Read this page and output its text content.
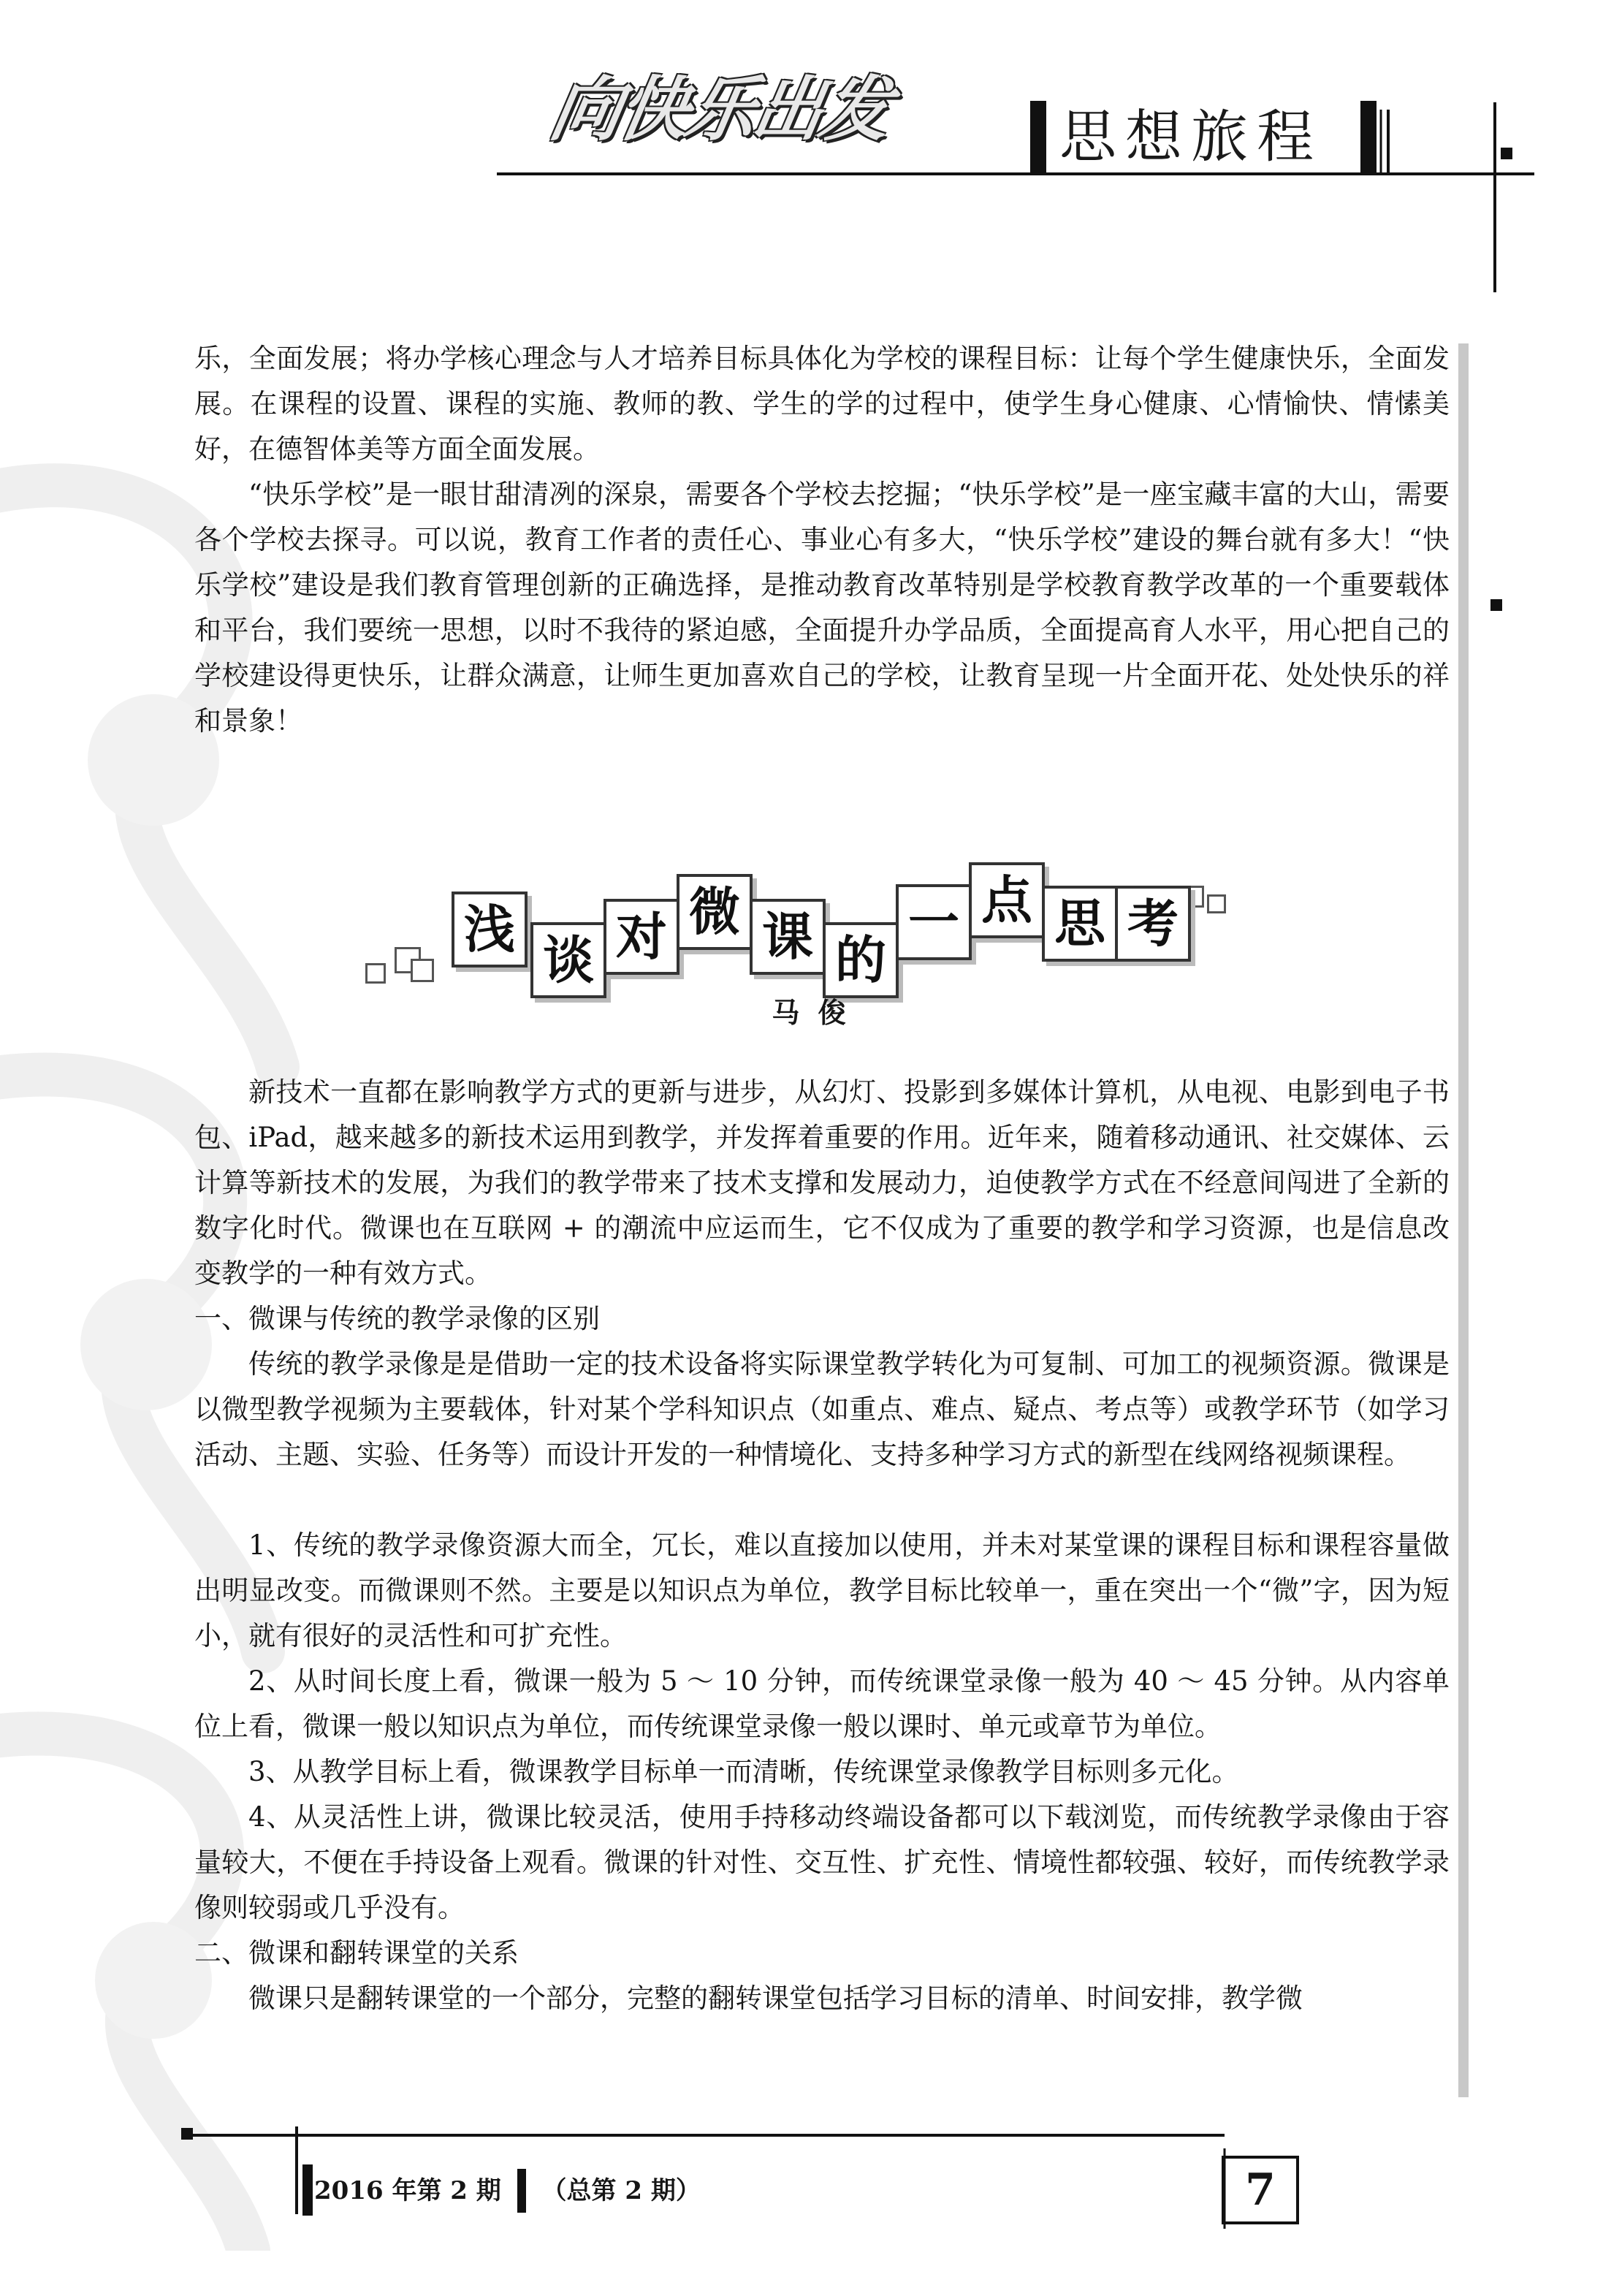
向快乐出发	思想旅程

乐，全面发展；将办学核心理念与人才培养目标具体化为学校的课程目标：让每个学生健康快乐，全面发展。在课程的设置、课程的实施、教师的教、学生的学的过程中，使学生身心健康、心情愉快、情愫美好，在德智体美等方面全面发展。

“快乐学校”是一眼甘甜清冽的深泉，需要各个学校去挖掘；“快乐学校”是一座宝藏丰富的大山，需要各个学校去探寻。可以说，教育工作者的责任心、事业心有多大，“快乐学校”建设的舞台就有多大！“快乐学校”建设是我们教育管理创新的正确选择，是推动教育改革特别是学校教育教学改革的一个重要载体和平台，我们要统一思想，以时不我待的紧迫感，全面提升办学品质，全面提高育人水平，用心把自己的学校建设得更快乐，让群众满意，让师生更加喜欢自己的学校，让教育呈现一片全面开花、处处快乐的祥和景象！

浅
谈 对 微 课 的
一 点 思 考
马 俊

新技术一直都在影响教学方式的更新与进步，从幻灯、投影到多媒体计算机，从电视、电影到电子书包、iPad，越来越多的新技术运用到教学，并发挥着重要的作用。近年来，随着移动通讯、社交媒体、云计算等新技术的发展，为我们的教学带来了技术支撑和发展动力，迫使教学方式在不经意间闯进了全新的数字化时代。微课也在互联网 + 的潮流中应运而生，它不仅成为了重要的教学和学习资源，也是信息改变教学的一种有效方式。

一、微课与传统的教学录像的区别

传统的教学录像是是借助一定的技术设备将实际课堂教学转化为可复制、可加工的视频资源。微课是以微型教学视频为主要载体，针对某个学科知识点（如重点、难点、疑点、考点等）或教学环节（如学习活动、主题、实验、任务等）而设计开发的一种情境化、支持多种学习方式的新型在线网络视频课程。

1、传统的教学录像资源大而全，冗长，难以直接加以使用，并未对某堂课的课程目标和课程容量做出明显改变。而微课则不然。主要是以知识点为单位，教学目标比较单一，重在突出一个“微”字，因为短小，就有很好的灵活性和可扩充性。

2、从时间长度上看，微课一般为 5 ～ 10 分钟，而传统课堂录像一般为 40 ～ 45 分钟。从内容单位上看，微课一般以知识点为单位，而传统课堂录像一般以课时、单元或章节为单位。

3、从教学目标上看，微课教学目标单一而清晰，传统课堂录像教学目标则多元化。

4、从灵活性上讲，微课比较灵活，使用手持移动终端设备都可以下载浏览，而传统教学录像由于容量较大，不便在手持设备上观看。微课的针对性、交互性、扩充性、情境性都较强、较好，而传统教学录像则较弱或几乎没有。

二、微课和翻转课堂的关系

微课只是翻转课堂的一个部分，完整的翻转课堂包括学习目标的清单、时间安排，教学微

2016 年第 2 期 （总第 2 期）	7
